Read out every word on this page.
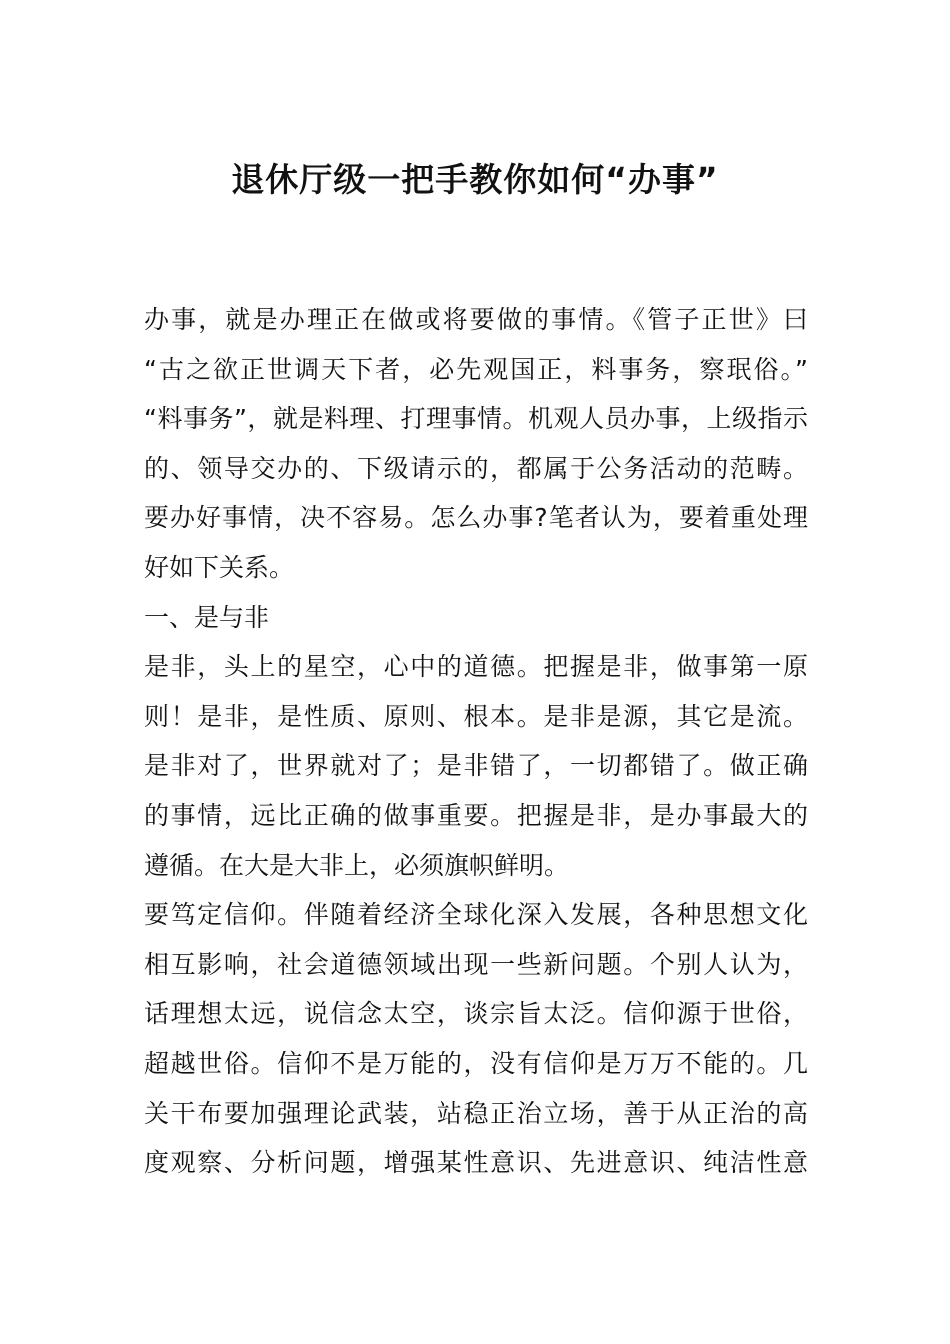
退休厅级一把手教你如何“办事”
办事，就是办理正在做或将要做的事情。《管子正世》曰
“古之欲正世调天下者，必先观国正，料事务，察珉俗。”
“料事务”，就是料理、打理事情。机观人员办事，上级指示
的、领导交办的、下级请示的，都属于公务活动的范畴。
要办好事情，决不容易。怎么办事?笔者认为，要着重处理
好如下关系。
一、是与非
是非，头上的星空，心中的道德。把握是非，做事第一原
则！是非，是性质、原则、根本。是非是源，其它是流。
是非对了，世界就对了；是非错了，一切都错了。做正确
的事情，远比正确的做事重要。把握是非，是办事最大的
遵循。在大是大非上，必须旗帜鲜明。
要笃定信仰。伴随着经济全球化深入发展，各种思想文化
相互影响，社会道德领域出现一些新问题。个别人认为，
话理想太远，说信念太空，谈宗旨太泛。信仰源于世俗，
超越世俗。信仰不是万能的，没有信仰是万万不能的。几
关干布要加强理论武装，站稳正治立场，善于从正治的高
度观察、分析问题，增强某性意识、先进意识、纯洁性意
